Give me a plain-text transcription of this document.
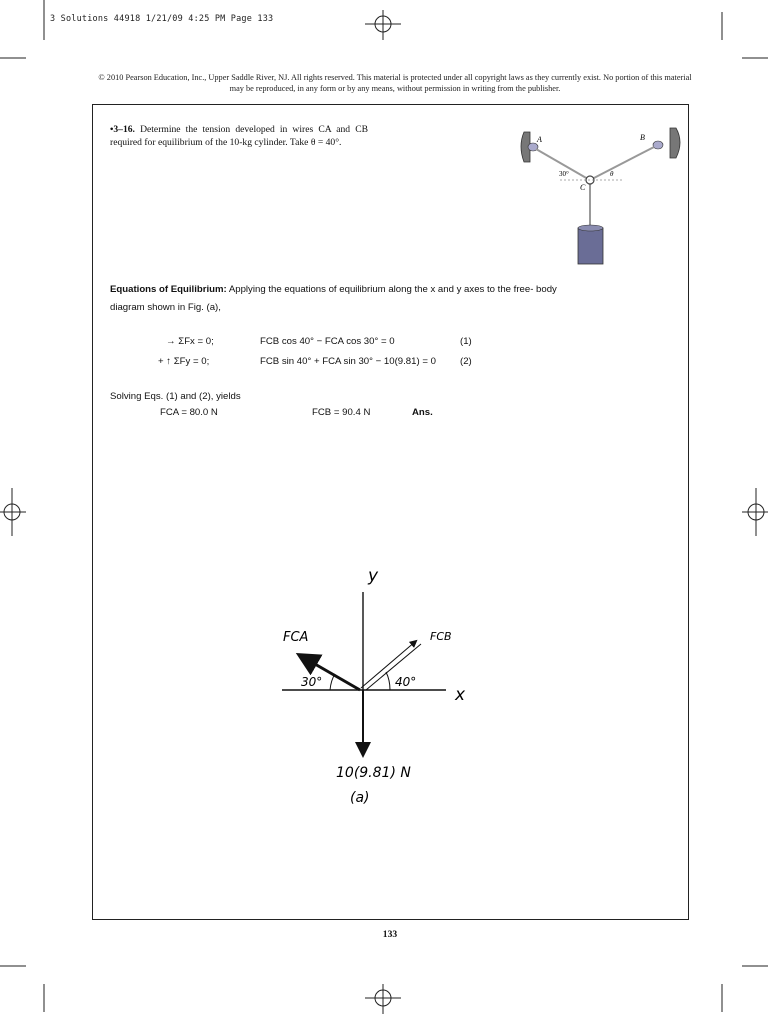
3 Solutions 44918 1/21/09 4:25 PM Page 133
© 2010 Pearson Education, Inc., Upper Saddle River, NJ. All rights reserved. This material is protected under all copyright laws as they currently exist. No portion of this material may be reproduced, in any form or by any means, without permission in writing from the publisher.
•3–16. Determine the tension developed in wires CA and CB required for equilibrium of the 10-kg cylinder. Take θ = 40°.	A	B
C
30°	θ
Equations of Equilibrium: Applying the equations of equilibrium along the x and y axes to the free- body diagram shown in Fig. (a),
→ ΣFx = 0;	FCB cos 40° − FCA cos 30° = 0	(1)
+ ↑ ΣFy = 0;	FCB sin 40° + FCA sin 30° − 10(9.81) = 0	(2)
Solving Eqs. (1) and (2), yields
FCA = 80.0 N	FCB = 90.4 N	Ans.
y
x
FCA	FCB
30°	40°
10(9.81) N
(a)
133
